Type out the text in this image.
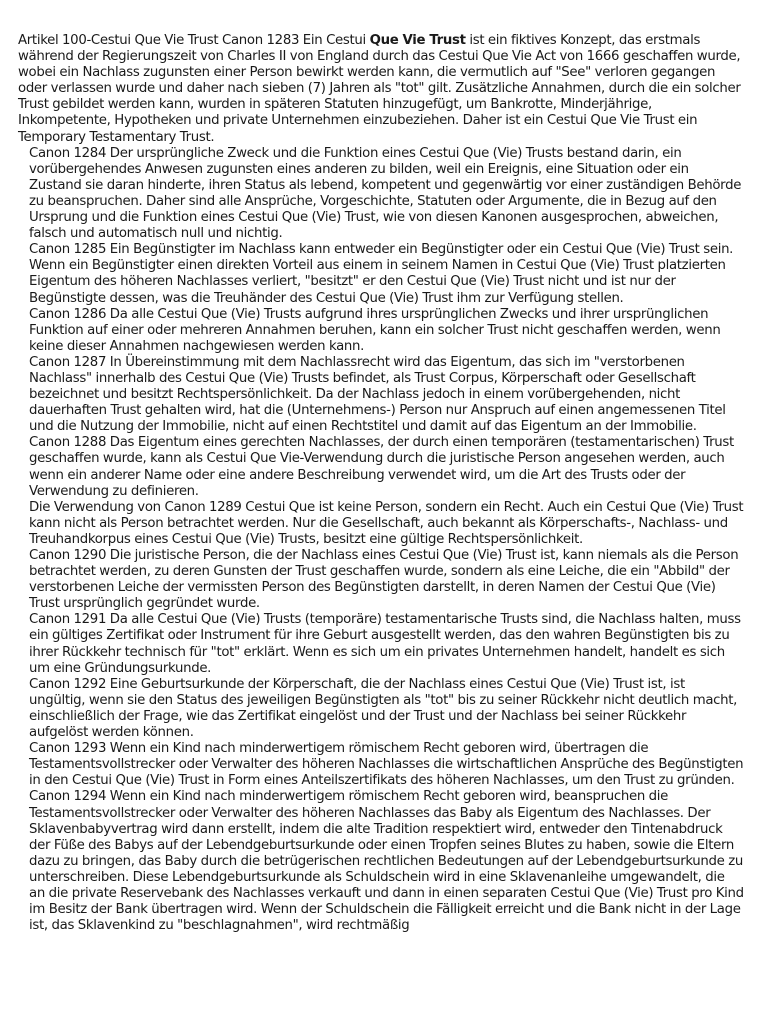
Artikel 100-Cestui Que Vie Trust Canon 1283 Ein Cestui Que Vie Trust ist ein fiktives Konzept, das erstmals während der Regierungszeit von Charles II von England durch das Cestui Que Vie Act von 1666 geschaffen wurde, wobei ein Nachlass zugunsten einer Person bewirkt werden kann, die vermutlich auf "See" verloren gegangen oder verlassen wurde und daher nach sieben (7) Jahren als "tot" gilt. Zusätzliche Annahmen, durch die ein solcher Trust gebildet werden kann, wurden in späteren Statuten hinzugefügt, um Bankrotte, Minderjährige, Inkompetente, Hypotheken und private Unternehmen einzubeziehen. Daher ist ein Cestui Que Vie Trust ein Temporary Testamentary Trust.

Canon 1284 Der ursprüngliche Zweck und die Funktion eines Cestui Que (Vie) Trusts bestand darin, ein vorübergehendes Anwesen zugunsten eines anderen zu bilden, weil ein Ereignis, eine Situation oder ein Zustand sie daran hinderte, ihren Status als lebend, kompetent und gegenwärtig vor einer zuständigen Behörde zu beanspruchen. Daher sind alle Ansprüche, Vorgeschichte, Statuten oder Argumente, die in Bezug auf den Ursprung und die Funktion eines Cestui Que (Vie) Trust, wie von diesen Kanonen ausgesprochen, abweichen, falsch und automatisch null und nichtig.

Canon 1285 Ein Begünstigter im Nachlass kann entweder ein Begünstigter oder ein Cestui Que (Vie) Trust sein. Wenn ein Begünstigter einen direkten Vorteil aus einem in seinem Namen in Cestui Que (Vie) Trust platzierten Eigentum des höheren Nachlasses verliert, "besitzt" er den Cestui Que (Vie) Trust nicht und ist nur der Begünstigte dessen, was die Treuhänder des Cestui Que (Vie) Trust ihm zur Verfügung stellen.

Canon 1286 Da alle Cestui Que (Vie) Trusts aufgrund ihres ursprünglichen Zwecks und ihrer ursprünglichen Funktion auf einer oder mehreren Annahmen beruhen, kann ein solcher Trust nicht geschaffen werden, wenn keine dieser Annahmen nachgewiesen werden kann.

Canon 1287 In Übereinstimmung mit dem Nachlassrecht wird das Eigentum, das sich im "verstorbenen Nachlass" innerhalb des Cestui Que (Vie) Trusts befindet, als Trust Corpus, Körperschaft oder Gesellschaft bezeichnet und besitzt Rechtspersönlichkeit. Da der Nachlass jedoch in einem vorübergehenden, nicht dauerhaften Trust gehalten wird, hat die (Unternehmens-) Person nur Anspruch auf einen angemessenen Titel und die Nutzung der Immobilie, nicht auf einen Rechtstitel und damit auf das Eigentum an der Immobilie.

Canon 1288 Das Eigentum eines gerechten Nachlasses, der durch einen temporären (testamentarischen) Trust geschaffen wurde, kann als Cestui Que Vie-Verwendung durch die juristische Person angesehen werden, auch wenn ein anderer Name oder eine andere Beschreibung verwendet wird, um die Art des Trusts oder der Verwendung zu definieren.

Die Verwendung von Canon 1289 Cestui Que ist keine Person, sondern ein Recht. Auch ein Cestui Que (Vie) Trust kann nicht als Person betrachtet werden. Nur die Gesellschaft, auch bekannt als Körperschafts-, Nachlass- und Treuhandkorpus eines Cestui Que (Vie) Trusts, besitzt eine gültige Rechtspersönlichkeit.

Canon 1290 Die juristische Person, die der Nachlass eines Cestui Que (Vie) Trust ist, kann niemals als die Person betrachtet werden, zu deren Gunsten der Trust geschaffen wurde, sondern als eine Leiche, die ein "Abbild" der verstorbenen Leiche der vermissten Person des Begünstigten darstellt, in deren Namen der Cestui Que (Vie) Trust ursprünglich gegründet wurde.

Canon 1291 Da alle Cestui Que (Vie) Trusts (temporäre) testamentarische Trusts sind, die Nachlass halten, muss ein gültiges Zertifikat oder Instrument für ihre Geburt ausgestellt werden, das den wahren Begünstigten bis zu ihrer Rückkehr technisch für "tot" erklärt. Wenn es sich um ein privates Unternehmen handelt, handelt es sich um eine Gründungsurkunde.

Canon 1292 Eine Geburtsurkunde der Körperschaft, die der Nachlass eines Cestui Que (Vie) Trust ist, ist ungültig, wenn sie den Status des jeweiligen Begünstigten als "tot" bis zu seiner Rückkehr nicht deutlich macht, einschließlich der Frage, wie das Zertifikat eingelöst und der Trust und der Nachlass bei seiner Rückkehr aufgelöst werden können.

Canon 1293 Wenn ein Kind nach minderwertigem römischem Recht geboren wird, übertragen die Testamentsvollstrecker oder Verwalter des höheren Nachlasses die wirtschaftlichen Ansprüche des Begünstigten in den Cestui Que (Vie) Trust in Form eines Anteilszertifikats des höheren Nachlasses, um den Trust zu gründen.

Canon 1294 Wenn ein Kind nach minderwertigem römischem Recht geboren wird, beanspruchen die Testamentsvollstrecker oder Verwalter des höheren Nachlasses das Baby als Eigentum des Nachlasses. Der Sklavenbabyvertrag wird dann erstellt, indem die alte Tradition respektiert wird, entweder den Tintenabdruck der Füße des Babys auf der Lebendgeburtsurkunde oder einen Tropfen seines Blutes zu haben, sowie die Eltern dazu zu bringen, das Baby durch die betrügerischen rechtlichen Bedeutungen auf der Lebendgeburtsurkunde zu unterschreiben. Diese Lebendgeburtsurkunde als Schuldschein wird in eine Sklavenanleihe umgewandelt, die an die private Reservebank des Nachlasses verkauft und dann in einen separaten Cestui Que (Vie) Trust pro Kind im Besitz der Bank übertragen wird. Wenn der Schuldschein die Fälligkeit erreicht und die Bank nicht in der Lage ist, das Sklavenkind zu "beschlagnahmen", wird rechtmäßig
